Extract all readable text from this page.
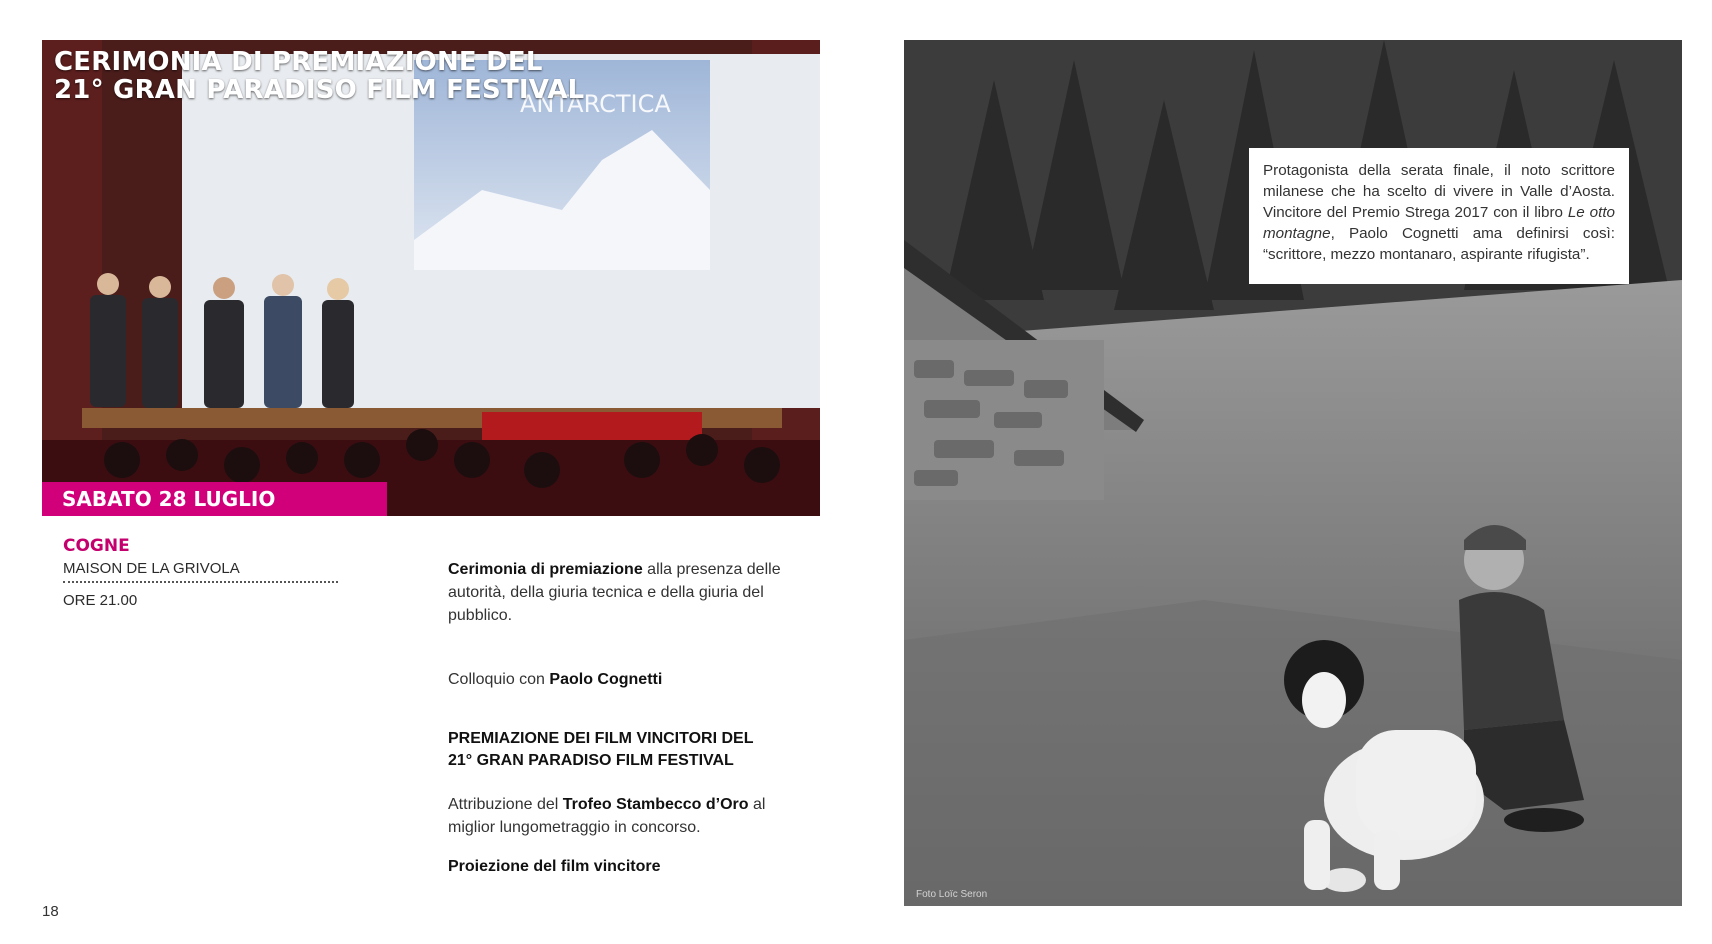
ANTARCTICA
CERIMONIA DI PREMIAZIONE DEL
21° GRAN PARADISO FILM FESTIVAL
SABATO 28 LUGLIO
COGNE
MAISON DE LA GRIVOLA
ORE 21.00
Cerimonia di premiazione alla presenza delle autorità, della giuria tecnica e della giuria del pubblico.
Colloquio con Paolo Cognetti
PREMIAZIONE DEI FILM VINCITORI DEL
21° GRAN PARADISO FILM FESTIVAL
Attribuzione del Trofeo Stambecco d’Oro al miglior lungometraggio in concorso.
Proiezione del film vincitore
18
Foto Loïc Seron

Protagonista della serata finale, il noto scrittore milanese che ha scelto di vivere in Valle d’Aosta. Vincitore del Premio Strega 2017 con il libro Le otto montagne, Paolo Cognetti ama definirsi così: “scrittore, mezzo montanaro, aspirante rifugista”.
